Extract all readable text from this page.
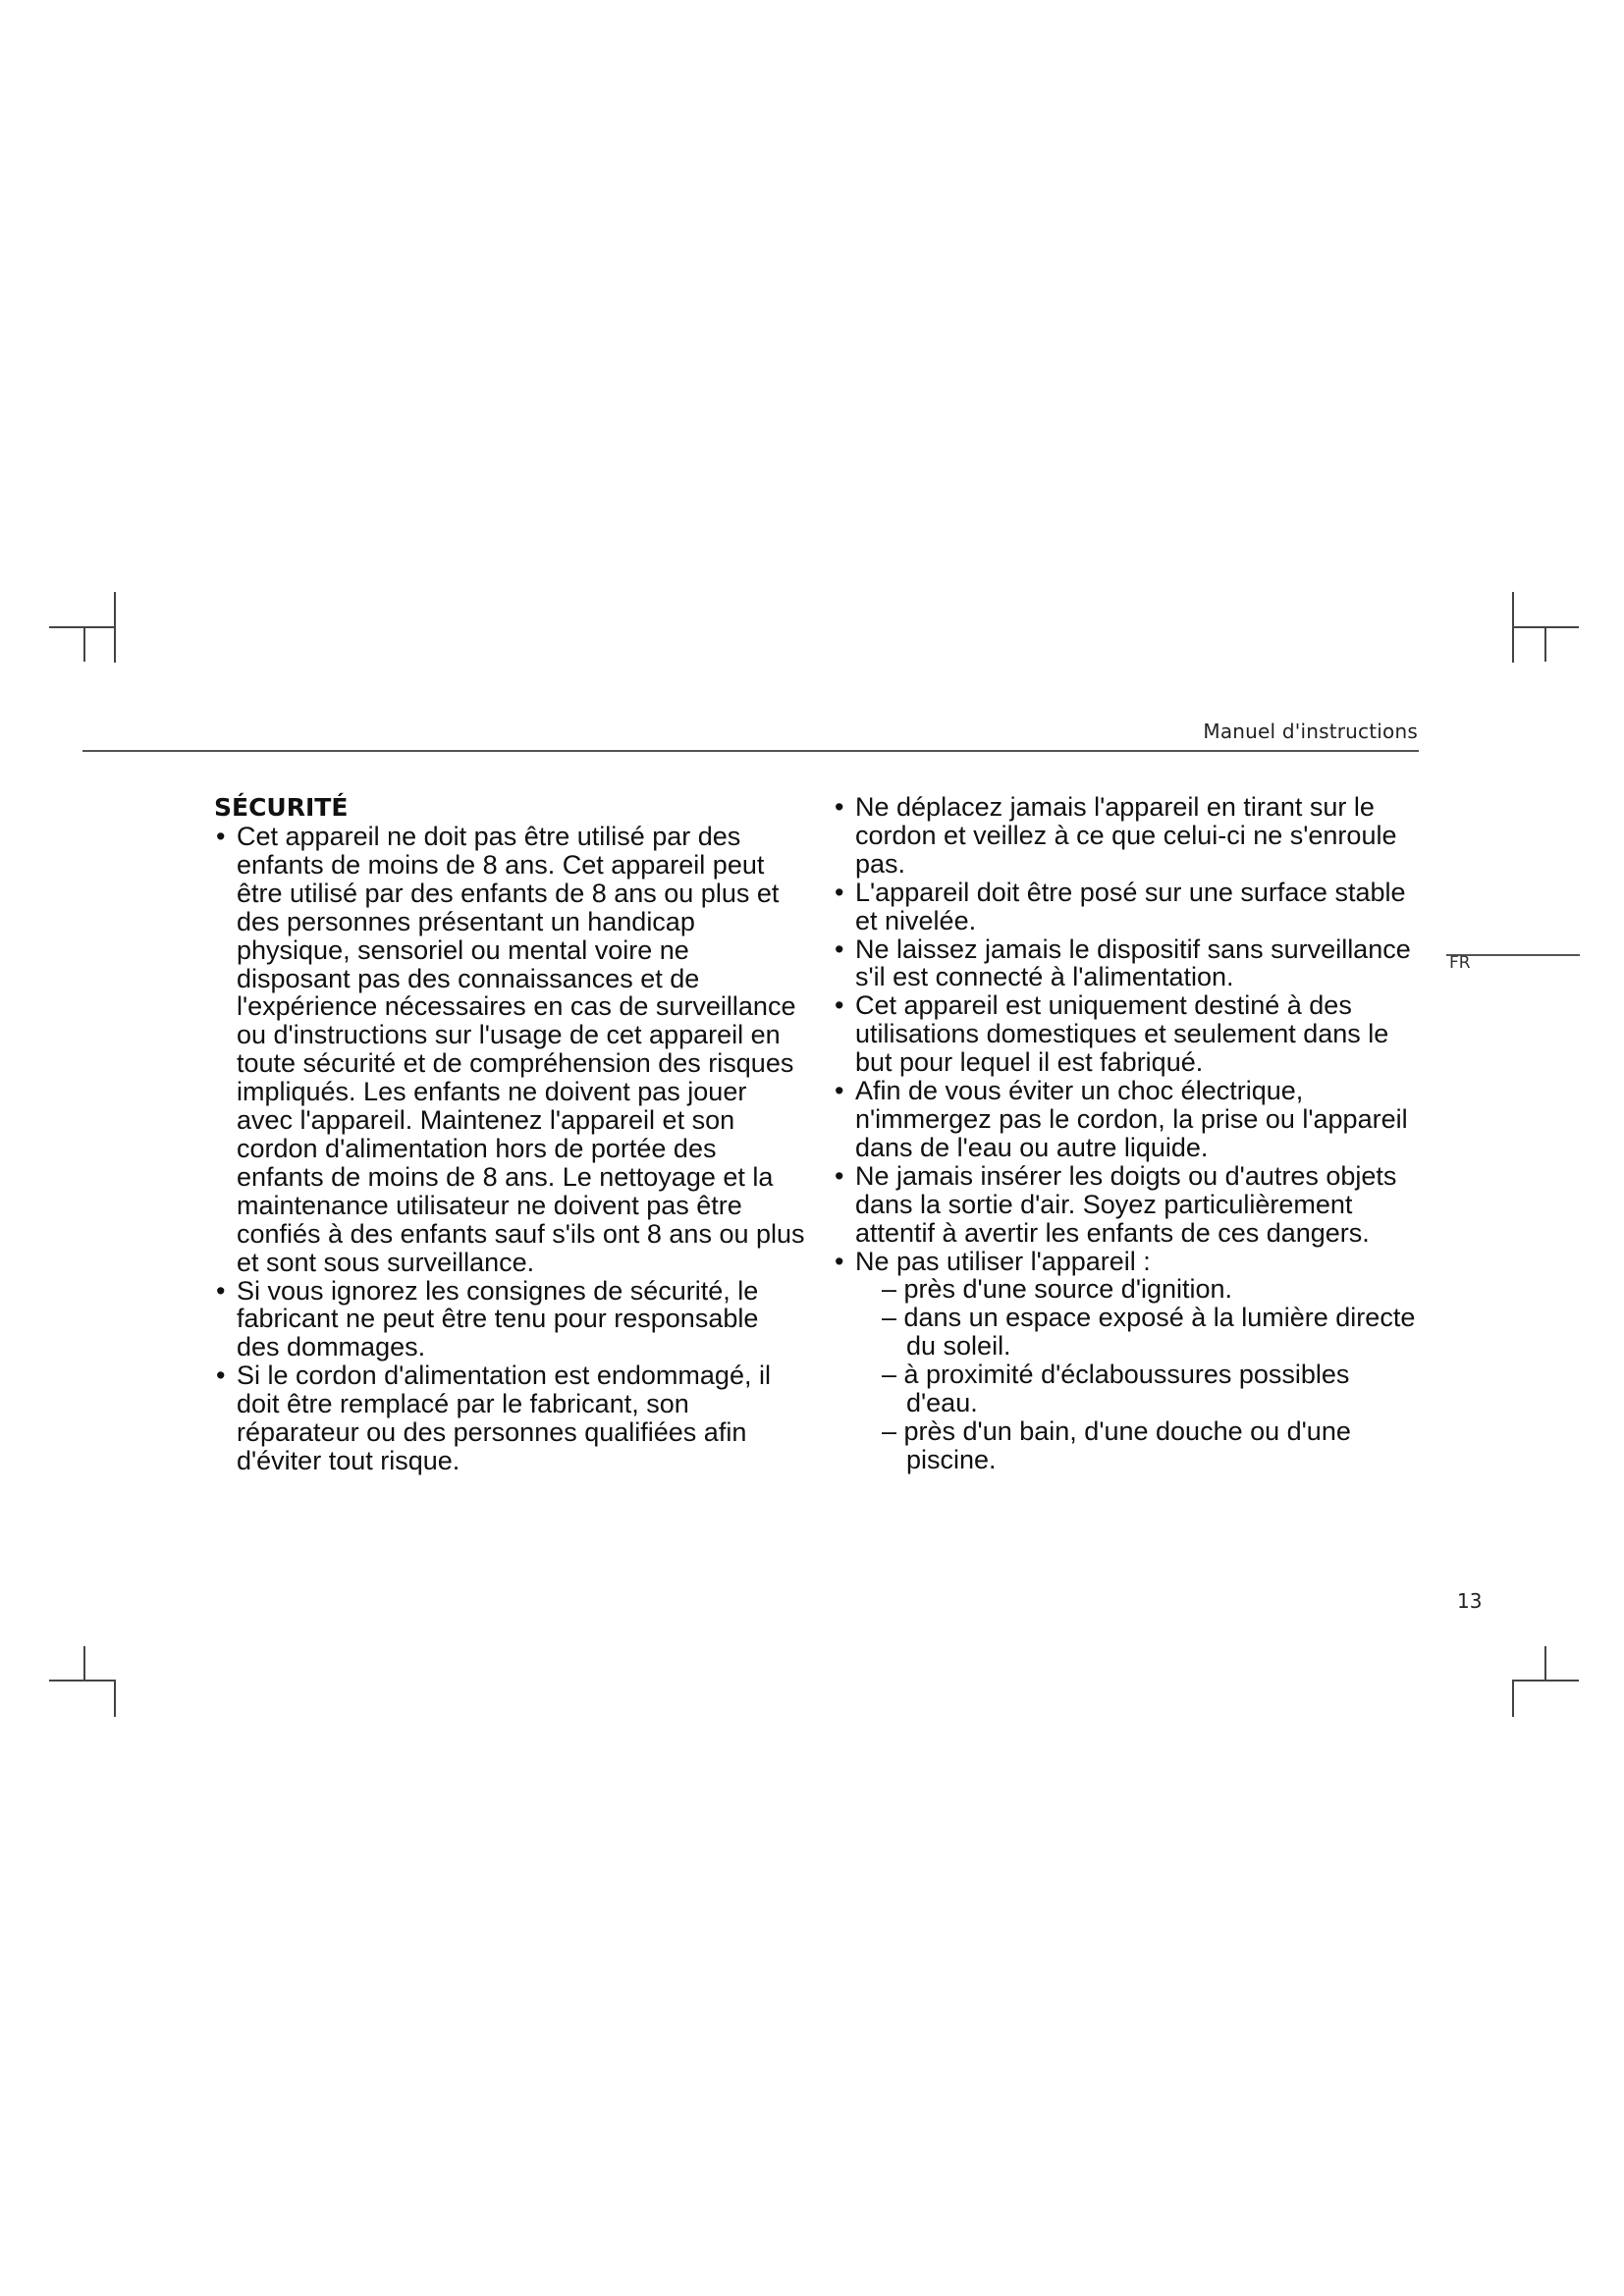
Manuel d'instructions
FR
13
SÉCURITÉ
• Cet appareil ne doit pas être utilisé par des enfants de moins de 8 ans. Cet appareil peut être utilisé par des enfants de 8 ans ou plus et des personnes présentant un handicap physique, sensoriel ou mental voire ne disposant pas des connaissances et de l'expérience nécessaires en cas de surveillance ou d'instructions sur l'usage de cet appareil en toute sécurité et de compréhension des risques impliqués. Les enfants ne doivent pas jouer avec l'appareil. Maintenez l'appareil et son cordon d'alimentation hors de portée des enfants de moins de 8 ans. Le nettoyage et la maintenance utilisateur ne doivent pas être confiés à des enfants sauf s'ils ont 8 ans ou plus et sont sous surveillance.
• Si vous ignorez les consignes de sécurité, le fabricant ne peut être tenu pour responsable des dommages.
• Si le cordon d'alimentation est endommagé, il doit être remplacé par le fabricant, son réparateur ou des personnes qualifiées afin d'éviter tout risque.
• Ne déplacez jamais l'appareil en tirant sur le cordon et veillez à ce que celui-ci ne s'enroule pas.
• L'appareil doit être posé sur une surface stable et nivelée.
• Ne laissez jamais le dispositif sans surveillance s'il est connecté à l'alimentation.
• Cet appareil est uniquement destiné à des utilisations domestiques et seulement dans le but pour lequel il est fabriqué.
• Afin de vous éviter un choc électrique, n'immergez pas le cordon, la prise ou l'appareil dans de l'eau ou autre liquide.
• Ne jamais insérer les doigts ou d'autres objets dans la sortie d'air. Soyez particulièrement attentif à avertir les enfants de ces dangers.
• Ne pas utiliser l'appareil :
– près d'une source d'ignition.
– dans un espace exposé à la lumière directe du soleil.
– à proximité d'éclaboussures possibles d'eau.
– près d'un bain, d'une douche ou d'une piscine.
